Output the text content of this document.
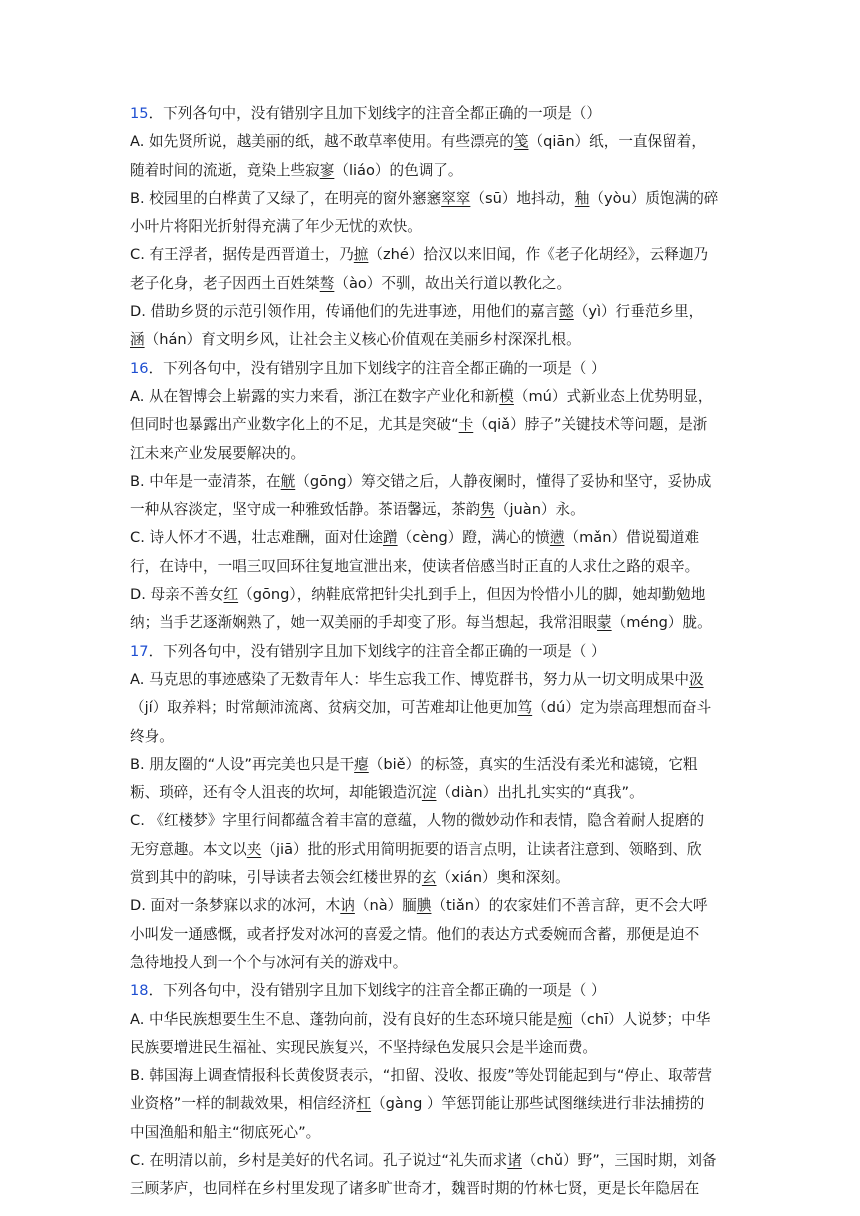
15．下列各句中，没有错别字且加下划线字的注音全都正确的一项是（）
A. 如先贤所说，越美丽的纸，越不敢草率使用。有些漂亮的笺（qiān）纸，一直保留着，
随着时间的流逝，竟染上些寂寥（liáo）的色调了。
B. 校园里的白桦黄了又绿了，在明亮的窗外窸窸窣窣（sū）地抖动，釉（yòu）质饱满的碎
小叶片将阳光折射得充满了年少无忧的欢快。
C. 有王浮者，据传是西晋道士，乃摭（zhé）拾汉以来旧闻，作《老子化胡经》，云释迦乃
老子化身，老子因西土百姓桀骜（ào）不驯，故出关行道以教化之。
D. 借助乡贤的示范引领作用，传诵他们的先进事迹，用他们的嘉言懿（yì）行垂范乡里，
涵（hán）育文明乡风，让社会主义核心价值观在美丽乡村深深扎根。
16．下列各句中，没有错别字且加下划线字的注音全都正确的一项是（ ）
A. 从在智博会上崭露的实力来看，浙江在数字产业化和新模（mú）式新业态上优势明显，
但同时也暴露出产业数字化上的不足，尤其是突破“卡（qiǎ）脖子”关键技术等问题，是浙
江未来产业发展要解决的。
B. 中年是一壶清茶，在觥（gōng）筹交错之后，人静夜阑时，懂得了妥协和坚守，妥协成
一种从容淡定，坚守成一种雅致恬静。茶语馨远，茶韵隽（juàn）永。
C. 诗人怀才不遇，壮志难酬，面对仕途蹭（cèng）蹬，满心的愤懑（mǎn）借说蜀道难
行，在诗中，一唱三叹回环往复地宣泄出来，使读者倍感当时正直的人求仕之路的艰辛。
D. 母亲不善女红（gōng），纳鞋底常把针尖扎到手上，但因为怜惜小儿的脚，她却勤勉地
纳；当手艺逐渐娴熟了，她一双美丽的手却变了形。每当想起，我常泪眼蒙（méng）胧。
17．下列各句中，没有错别字且加下划线字的注音全都正确的一项是（ ）
A. 马克思的事迹感染了无数青年人：毕生忘我工作、博览群书，努力从一切文明成果中汲
（jí）取养料；时常颠沛流离、贫病交加，可苦难却让他更加笃（dú）定为崇高理想而奋斗
终身。
B. 朋友圈的“人设”再完美也只是干瘪（biě）的标签，真实的生活没有柔光和滤镜，它粗
粝、琐碎，还有令人沮丧的坎坷，却能锻造沉淀（diàn）出扎扎实实的“真我”。
C. 《红楼梦》字里行间都蕴含着丰富的意蕴，人物的微妙动作和表情，隐含着耐人捉磨的
无穷意趣。本文以夹（jiā）批的形式用简明扼要的语言点明，让读者注意到、领略到、欣
赏到其中的韵味，引导读者去领会红楼世界的玄（xián）奥和深刻。
D. 面对一条梦寐以求的冰河，木讷（nà）腼腆（tiǎn）的农家娃们不善言辞，更不会大呼
小叫发一通感慨，或者抒发对冰河的喜爱之情。他们的表达方式委婉而含蓄，那便是迫不
急待地投人到一个个与冰河有关的游戏中。
18．下列各句中，没有错别字且加下划线字的注音全都正确的一项是（ ）
A. 中华民族想要生生不息、蓬勃向前，没有良好的生态环境只能是痴（chī）人说梦；中华
民族要增进民生福祉、实现民族复兴，不坚持绿色发展只会是半途而费。
B. 韩国海上调查情报科长黄俊贤表示，“扣留、没收、报废”等处罚能起到与“停止、取蒂营
业资格”一样的制裁效果，相信经济杠（gàng ）竿惩罚能让那些试图继续进行非法捕捞的
中国渔船和船主“彻底死心”。
C. 在明清以前，乡村是美好的代名词。孔子说过“礼失而求诸（chǔ）野”，三国时期，刘备
三顾茅庐，也同样在乡村里发现了诸多旷世奇才，魏晋时期的竹林七贤，更是长年隐居在
